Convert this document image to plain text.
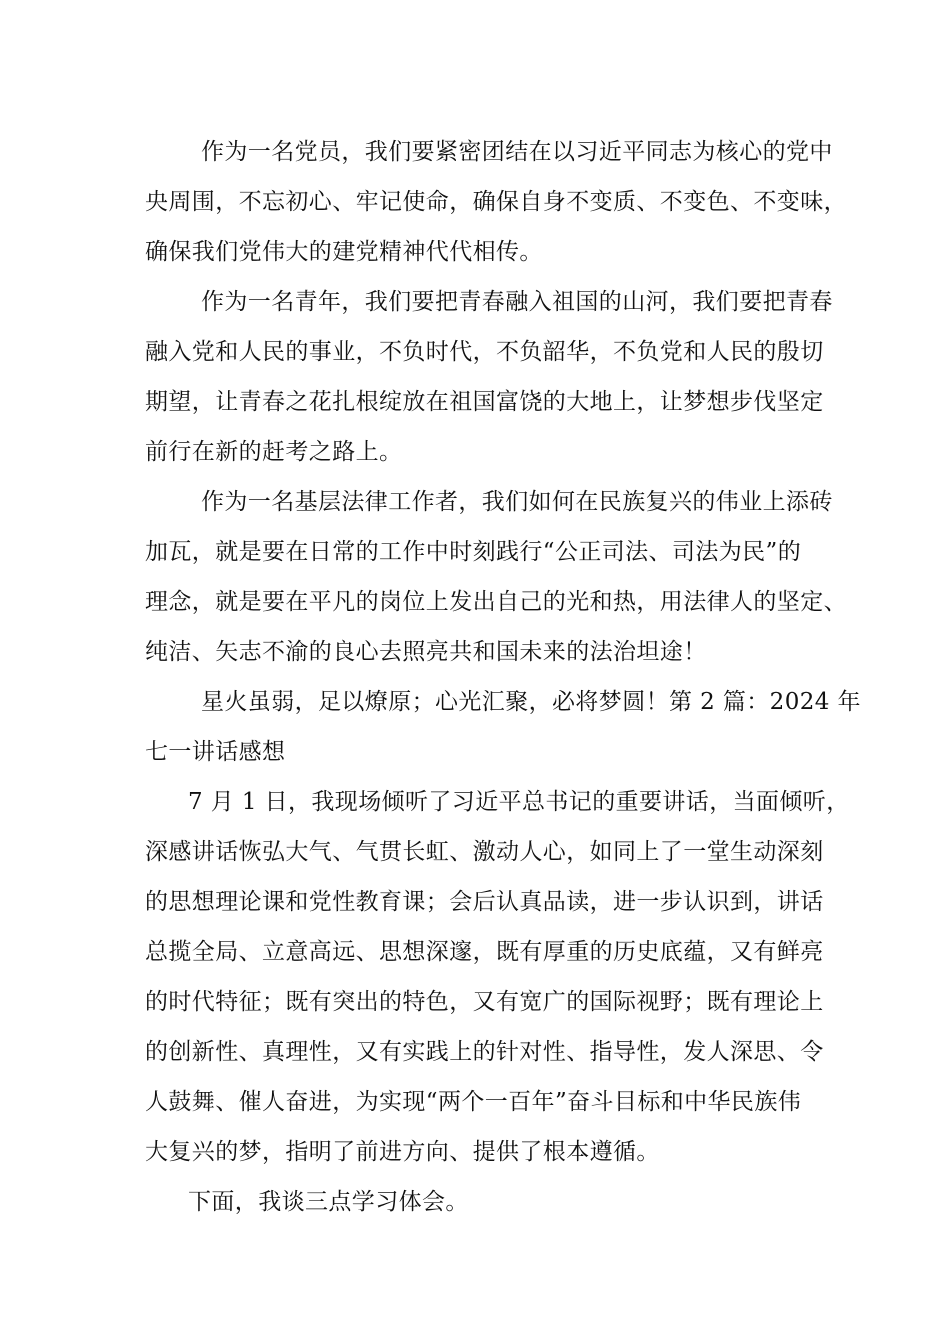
作为一名党员，我们要紧密团结在以习近平同志为核心的党中
央周围，不忘初心、牢记使命，确保自身不变质、不变色、不变味，
确保我们党伟大的建党精神代代相传。
作为一名青年，我们要把青春融入祖国的山河，我们要把青春
融入党和人民的事业，不负时代，不负韶华，不负党和人民的殷切
期望，让青春之花扎根绽放在祖国富饶的大地上，让梦想步伐坚定
前行在新的赶考之路上。
作为一名基层法律工作者，我们如何在民族复兴的伟业上添砖
加瓦，就是要在日常的工作中时刻践行“公正司法、司法为民”的
理念，就是要在平凡的岗位上发出自己的光和热，用法律人的坚定、
纯洁、矢志不渝的良心去照亮共和国未来的法治坦途！
星火虽弱，足以燎原；心光汇聚，必将梦圆！第 2 篇：2024 年
七一讲话感想
7 月 1 日，我现场倾听了习近平总书记的重要讲话，当面倾听，
深感讲话恢弘大气、气贯长虹、激动人心，如同上了一堂生动深刻
的思想理论课和党性教育课；会后认真品读，进一步认识到，讲话
总揽全局、立意高远、思想深邃，既有厚重的历史底蕴，又有鲜亮
的时代特征；既有突出的特色，又有宽广的国际视野；既有理论上
的创新性、真理性，又有实践上的针对性、指导性，发人深思、令
人鼓舞、催人奋进，为实现“两个一百年”奋斗目标和中华民族伟
大复兴的梦，指明了前进方向、提供了根本遵循。
下面，我谈三点学习体会。
